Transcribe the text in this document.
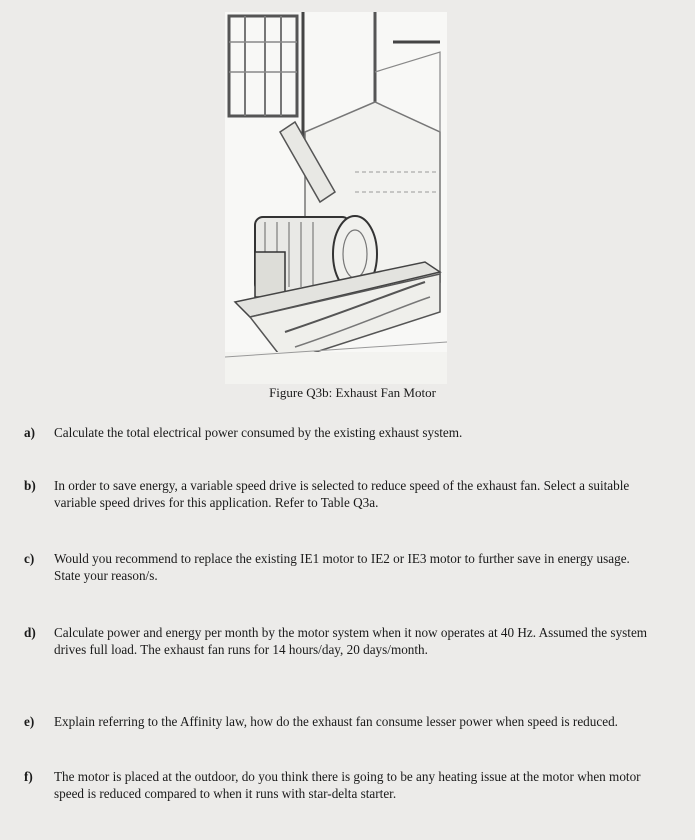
Figure Q3b: Exhaust Fan Motor
a)	Calculate the total electrical power consumed by the existing exhaust system.
b)	In order to save energy, a variable speed drive is selected to reduce speed of the exhaust fan. Select a suitable variable speed drives for this application. Refer to Table Q3a.
c)	Would you recommend to replace the existing IE1 motor to IE2 or IE3 motor to further save in energy usage. State your reason/s.
d)	Calculate power and energy per month by the motor system when it now operates at 40 Hz. Assumed the system drives full load. The exhaust fan runs for 14 hours/day, 20 days/month.
e)	Explain referring to the Affinity law, how do the exhaust fan consume lesser power when speed is reduced.
f)	The motor is placed at the outdoor, do you think there is going to be any heating issue at the motor when motor speed is reduced compared to when it runs with star-delta starter.
